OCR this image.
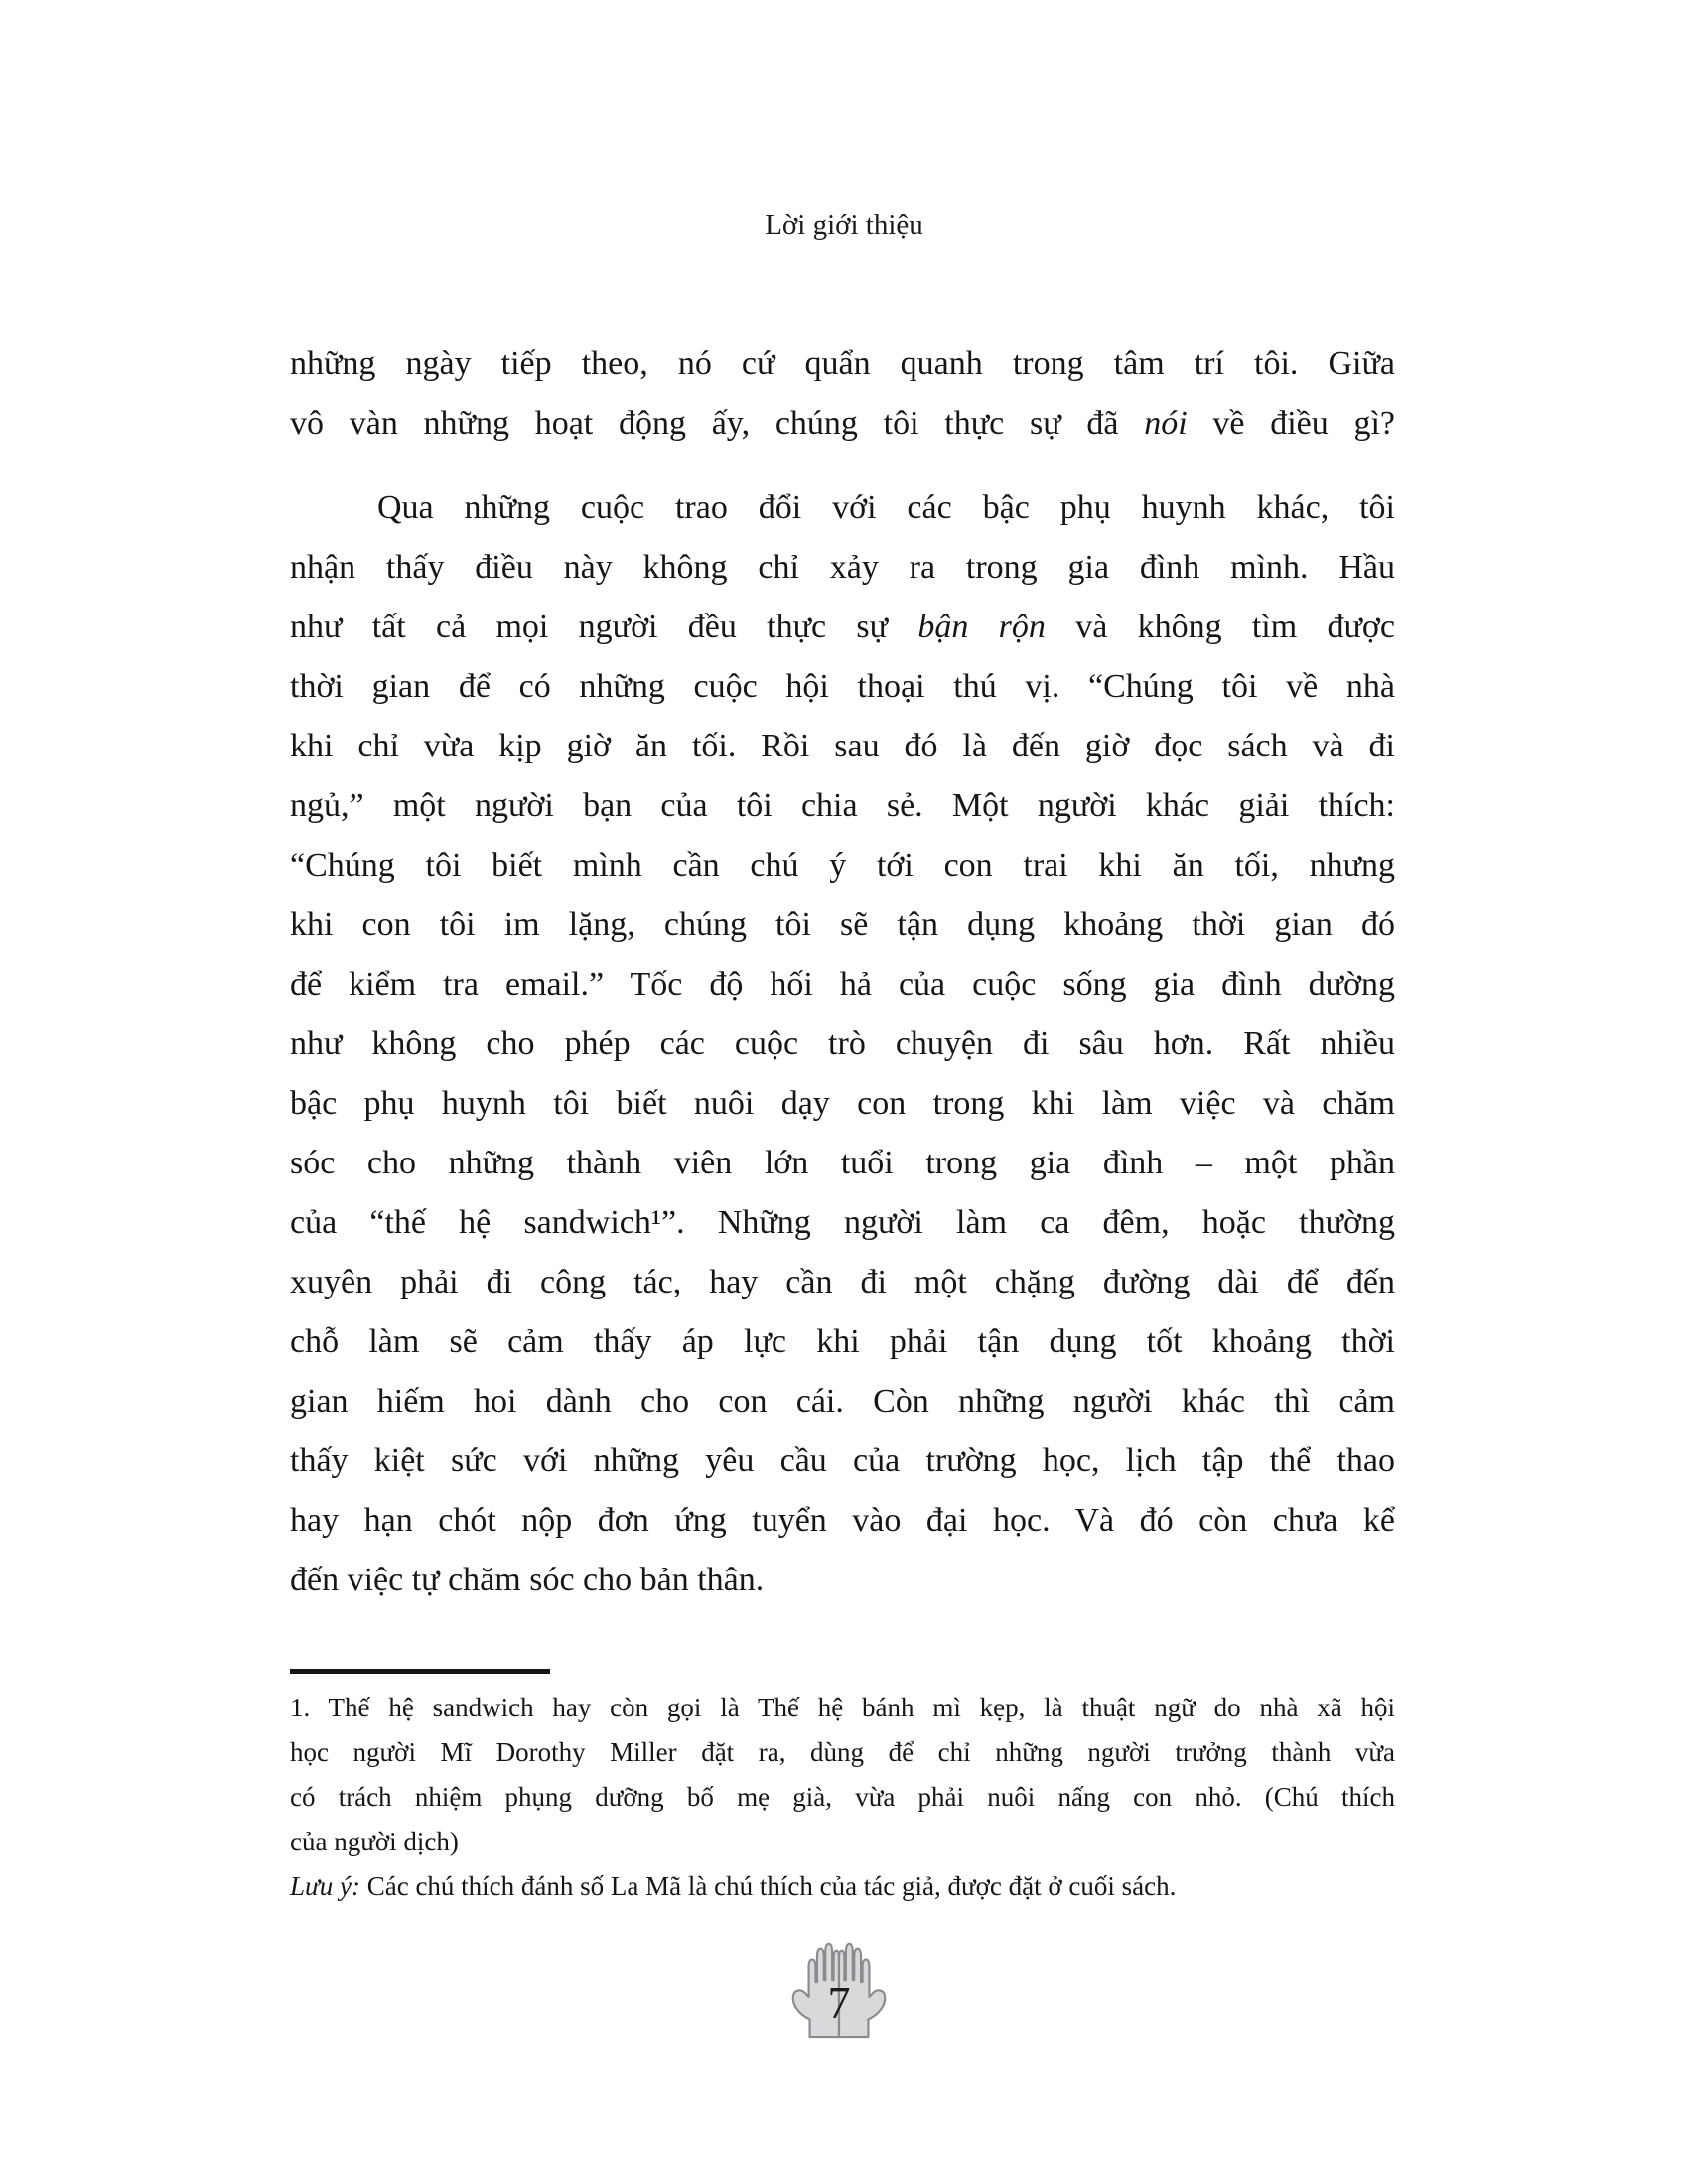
Lời giới thiệu
những ngày tiếp theo, nó cứ quẩn quanh trong tâm trí tôi. Giữa
vô vàn những hoạt động ấy, chúng tôi thực sự đã nói về điều gì?
Qua những cuộc trao đổi với các bậc phụ huynh khác, tôi
nhận thấy điều này không chỉ xảy ra trong gia đình mình. Hầu
như tất cả mọi người đều thực sự bận rộn và không tìm được
thời gian để có những cuộc hội thoại thú vị. “Chúng tôi về nhà
khi chỉ vừa kịp giờ ăn tối. Rồi sau đó là đến giờ đọc sách và đi
ngủ,” một người bạn của tôi chia sẻ. Một người khác giải thích:
“Chúng tôi biết mình cần chú ý tới con trai khi ăn tối, nhưng
khi con tôi im lặng, chúng tôi sẽ tận dụng khoảng thời gian đó
để kiểm tra email.” Tốc độ hối hả của cuộc sống gia đình dường
như không cho phép các cuộc trò chuyện đi sâu hơn. Rất nhiều
bậc phụ huynh tôi biết nuôi dạy con trong khi làm việc và chăm
sóc cho những thành viên lớn tuổi trong gia đình – một phần
của “thế hệ sandwich¹”. Những người làm ca đêm, hoặc thường
xuyên phải đi công tác, hay cần đi một chặng đường dài để đến
chỗ làm sẽ cảm thấy áp lực khi phải tận dụng tốt khoảng thời
gian hiếm hoi dành cho con cái. Còn những người khác thì cảm
thấy kiệt sức với những yêu cầu của trường học, lịch tập thể thao
hay hạn chót nộp đơn ứng tuyển vào đại học. Và đó còn chưa kể
đến việc tự chăm sóc cho bản thân.
1. Thế hệ sandwich hay còn gọi là Thế hệ bánh mì kẹp, là thuật ngữ do nhà xã hội
học người Mĩ Dorothy Miller đặt ra, dùng để chỉ những người trưởng thành vừa
có trách nhiệm phụng dưỡng bố mẹ già, vừa phải nuôi nấng con nhỏ. (Chú thích
của người dịch)
Lưu ý: Các chú thích đánh số La Mã là chú thích của tác giả, được đặt ở cuối sách.
7
